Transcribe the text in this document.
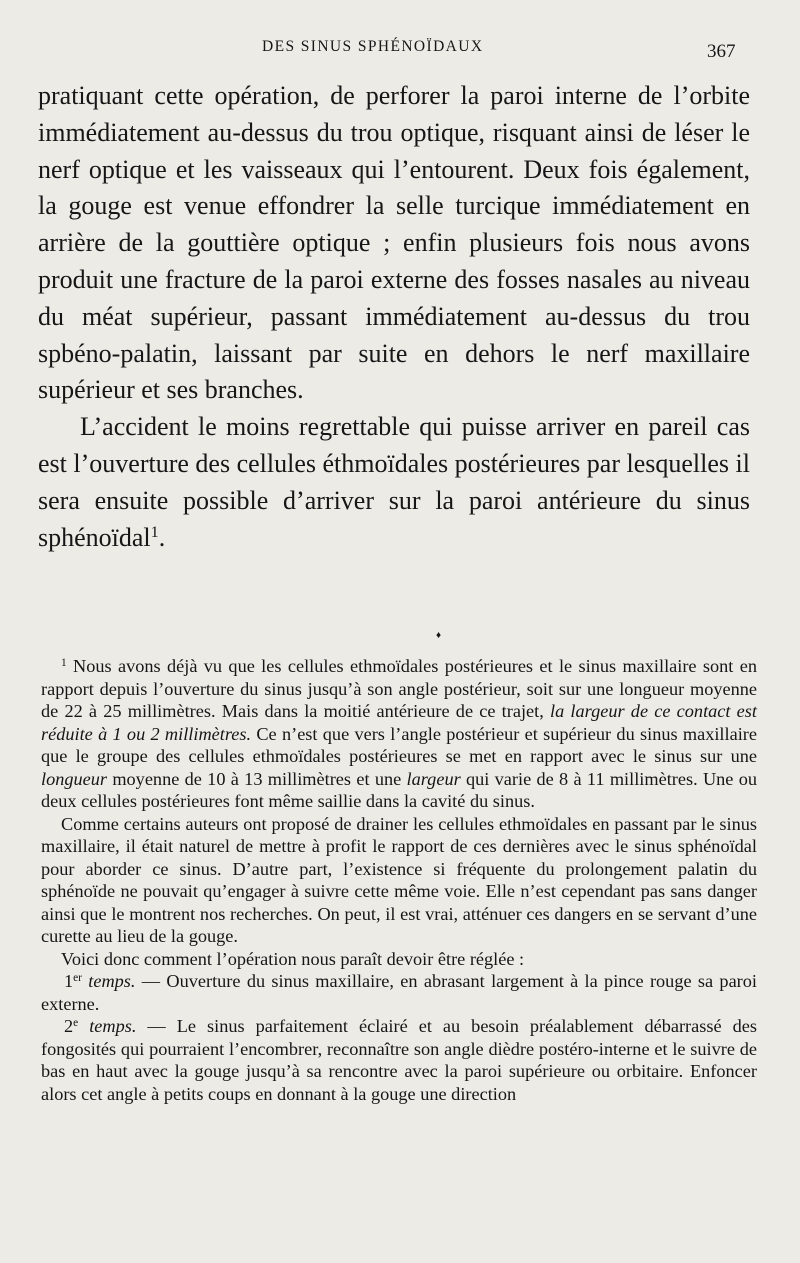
DES SINUS SPHÉNOÏDAUX	367

pratiquant cette opération, de perforer la paroi interne de l’orbite immédiatement au-dessus du trou optique, risquant ainsi de léser le nerf optique et les vaisseaux qui l’entourent. Deux fois également, la gouge est venue effondrer la selle turcique immédiatement en arrière de la gouttière optique ; enfin plusieurs fois nous avons produit une fracture de la paroi externe des fosses nasales au niveau du méat supérieur, passant immédiatement au-dessus du trou spbéno-palatin, laissant par suite en dehors le nerf maxillaire supérieur et ses branches.

L’accident le moins regrettable qui puisse arriver en pareil cas est l’ouverture des cellules éthmoïdales postérieures par lesquelles il sera ensuite possible d’arriver sur la paroi antérieure du sinus sphénoïdal$^1$.

♦

$^1$ Nous avons déjà vu que les cellules ethmoïdales postérieures et le sinus maxillaire sont en rapport depuis l’ouverture du sinus jusqu’à son angle postérieur, soit sur une longueur moyenne de 22 à 25 millimètres. Mais dans la moitié antérieure de ce trajet, la largeur de ce contact est réduite à 1 ou 2 millimètres. Ce n’est que vers l’angle postérieur et supérieur du sinus maxillaire que le groupe des cellules ethmoïdales postérieures se met en rapport avec le sinus sur une longueur moyenne de 10 à 13 millimètres et une largeur qui varie de 8 à 11 millimètres. Une ou deux cellules postérieures font même saillie dans la cavité du sinus.

Comme certains auteurs ont proposé de drainer les cellules ethmoïdales en passant par le sinus maxillaire, il était naturel de mettre à profit le rapport de ces dernières avec le sinus sphénoïdal pour aborder ce sinus. D’autre part, l’existence si fréquente du prolongement palatin du sphénoïde ne pouvait qu’engager à suivre cette même voie. Elle n’est cependant pas sans danger ainsi que le montrent nos recherches. On peut, il est vrai, atténuer ces dangers en se servant d’une curette au lieu de la gouge.

Voici donc comment l’opération nous paraît devoir être réglée :

1er temps. — Ouverture du sinus maxillaire, en abrasant largement à la pince rouge sa paroi externe.

2e temps. — Le sinus parfaitement éclairé et au besoin préalablement débarrassé des fongosités qui pourraient l’encombrer, reconnaître son angle dièdre postéro-interne et le suivre de bas en haut avec la gouge jusqu’à sa rencontre avec la paroi supérieure ou orbitaire. Enfoncer alors cet angle à petits coups en donnant à la gouge une direction
